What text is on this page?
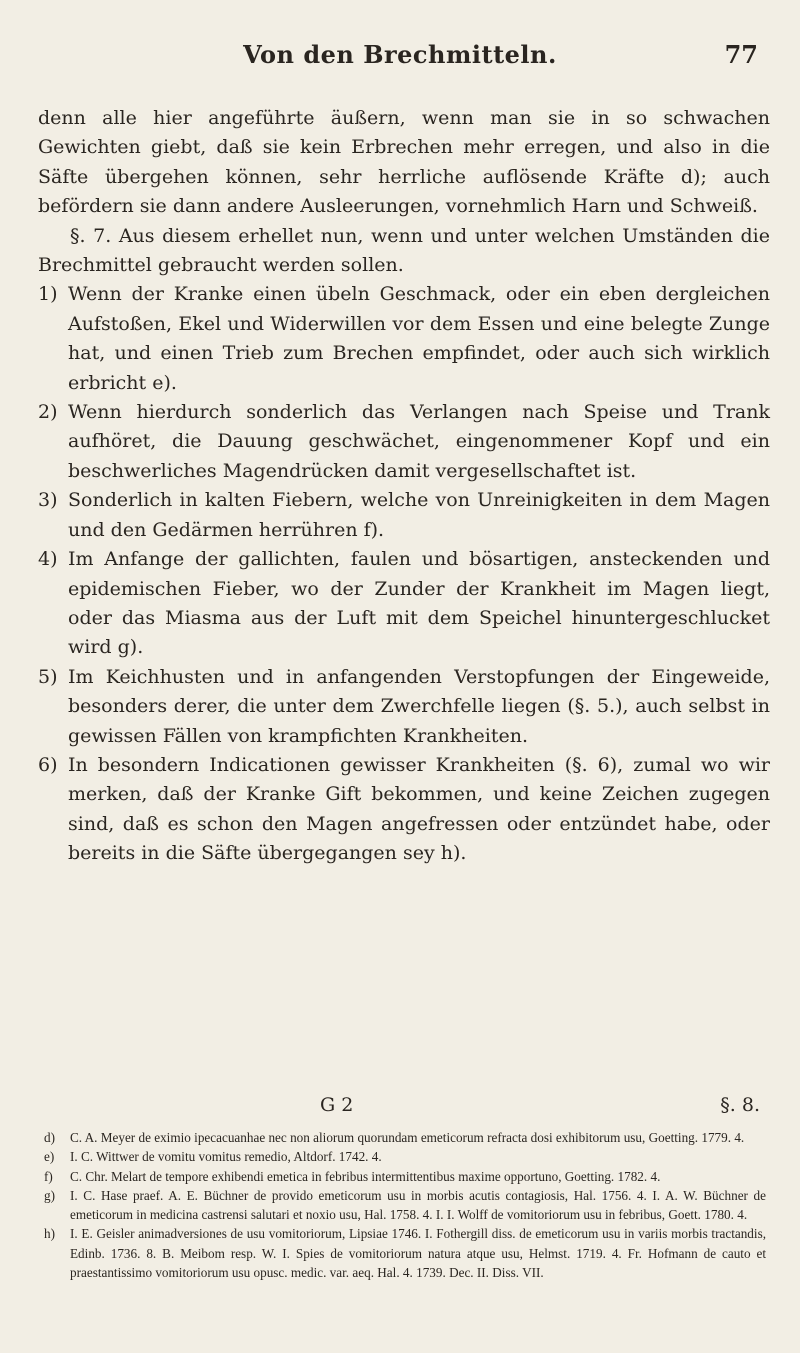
Von den Brechmitteln.	77

denn alle hier angeführte äußern, wenn man sie in so schwachen Gewichten giebt, daß sie kein Erbrechen mehr erregen, und also in die Säfte übergehen können, sehr herrliche auflösende Kräfte d); auch befördern sie dann andere Ausleerungen, vornehmlich Harn und Schweiß.

§. 7. Aus diesem erhellet nun, wenn und unter welchen Umständen die Brechmittel gebraucht werden sollen.

1) Wenn der Kranke einen übeln Geschmack, oder ein eben dergleichen Aufstoßen, Ekel und Widerwillen vor dem Essen und eine belegte Zunge hat, und einen Trieb zum Brechen empfindet, oder auch sich wirklich erbricht e).
2) Wenn hierdurch sonderlich das Verlangen nach Speise und Trank aufhöret, die Dauung geschwächet, eingenommener Kopf und ein beschwerliches Magendrücken damit vergesellschaftet ist.
3) Sonderlich in kalten Fiebern, welche von Unreinigkeiten in dem Magen und den Gedärmen herrühren f).
4) Im Anfange der gallichten, faulen und bösartigen, ansteckenden und epidemischen Fieber, wo der Zunder der Krankheit im Magen liegt, oder das Miasma aus der Luft mit dem Speichel hinuntergeschlucket wird g).
5) Im Keichhusten und in anfangenden Verstopfungen der Eingeweide, besonders derer, die unter dem Zwerchfelle liegen (§. 5.), auch selbst in gewissen Fällen von krampfichten Krankheiten.
6) In besondern Indicationen gewisser Krankheiten (§. 6), zumal wo wir merken, daß der Kranke Gift bekommen, und keine Zeichen zugegen sind, daß es schon den Magen angefressen oder entzündet habe, oder bereits in die Säfte übergegangen sey h).
G 2	§. 8.
d)	C. A. Meyer de eximio ipecacuanhae nec non aliorum quorundam emeticorum refracta dosi exhibitorum usu, Goetting. 1779. 4.
e)	I. C. Wittwer de vomitu vomitus remedio, Altdorf. 1742. 4.
f)	C. Chr. Melart de tempore exhibendi emetica in febribus intermittentibus maxime opportuno, Goetting. 1782. 4.
g)	I. C. Hase praef. A. E. Büchner de provido emeticorum usu in morbis acutis contagiosis, Hal. 1756. 4. I. A. W. Büchner de emeticorum in medicina castrensi salutari et noxio usu, Hal. 1758. 4. I. I. Wolff de vomitoriorum usu in febribus, Goett. 1780. 4.
h)	I. E. Geisler animadversiones de usu vomitoriorum, Lipsiae 1746. I. Fothergill diss. de emeticorum usu in variis morbis tractandis, Edinb. 1736. 8. B. Meibom resp. W. I. Spies de vomitoriorum natura atque usu, Helmst. 1719. 4. Fr. Hofmann de cauto et praestantissimo vomitoriorum usu opusc. medic. var. aeq. Hal. 4. 1739. Dec. II. Diss. VII.
